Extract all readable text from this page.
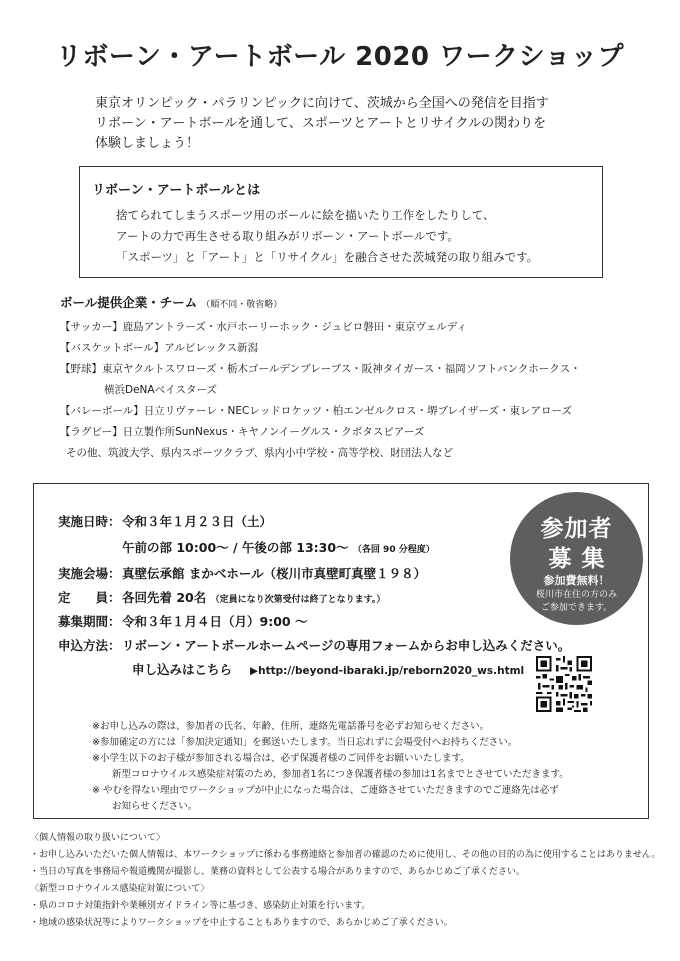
リボーン・アートボール 2020 ワークショップ
東京オリンピック・パラリンピックに向けて、茨城から全国への発信を目指す
リボーン・アートボールを通して、スポーツとアートとリサイクルの関わりを
体験しましょう！
リボーン・アートボールとは
捨てられてしまうスポーツ用のボールに絵を描いたり工作をしたりして、
アートの力で再生させる取り組みがリボーン・アートボールです。
「スポーツ」と「アート」と「リサイクル」を融合させた茨城発の取り組みです。
ボール提供企業・チーム （順不同・敬省略）
【サッカー】鹿島アントラーズ・水戸ホーリーホック・ジュビロ磐田・東京ヴェルディ
【バスケットボール】アルビレックス新潟
【野球】東京ヤクルトスワローズ・栃木ゴールデンブレーブス・阪神タイガース・福岡ソフトバンクホークス・
横浜DeNAベイスターズ
【バレーボール】日立リヴァーレ・NECレッドロケッツ・柏エンゼルクロス・堺ブレイザーズ・東レアローズ
【ラグビー】日立製作所SunNexus・キヤノンイーグルス・クボタスピアーズ
その他、筑波大学、県内スポーツクラブ、県内小中学校・高等学校、財団法人など
実施日時：令和３年１月２３日（土）
午前の部 10:00～ / 午後の部 13:30～ （各回 90 分程度）
実施会場：真壁伝承館 まかべホール（桜川市真壁町真壁１９８）
定　　員：各回先着 20名 （定員になり次第受付は終了となります。）
募集期間：令和３年１月４日（月）9:00 ～
申込方法：リボーン・アートボールホームページの専用フォームからお申し込みください。
申し込みはこちら ▶http://beyond-ibaraki.jp/reborn2020_ws.html
参加者
募集
参加費無料！
桜川市在住の方のみ
ご参加できます。
※お申し込みの際は、参加者の氏名、年齢、住所、連絡先電話番号を必ずお知らせください。
※参加確定の方には「参加決定通知」を郵送いたします。当日忘れずに会場受付へお持ちください。
※小学生以下のお子様が参加される場合は、必ず保護者様のご同伴をお願いいたします。
新型コロナウイルス感染症対策のため、参加者1名につき保護者様の参加は1名までとさせていただきます。
※ やむを得ない理由でワークショップが中止になった場合は、ご連絡させていただきますのでご連絡先は必ず
お知らせください。
〈個人情報の取り扱いについて〉
・お申し込みいただいた個人情報は、本ワークショップに係わる事務連絡と参加者の確認のために使用し、その他の目的の為に使用することはありません。
・当日の写真を事務局や報道機関が撮影し、業務の資料として公表する場合がありますので、あらかじめご了承ください。
〈新型コロナウイルス感染症対策について〉
・県のコロナ対策指針や業種別ガイドライン等に基づき、感染防止対策を行います。
・地域の感染状況等によりワークショップを中止することもありますので、あらかじめご了承ください。
